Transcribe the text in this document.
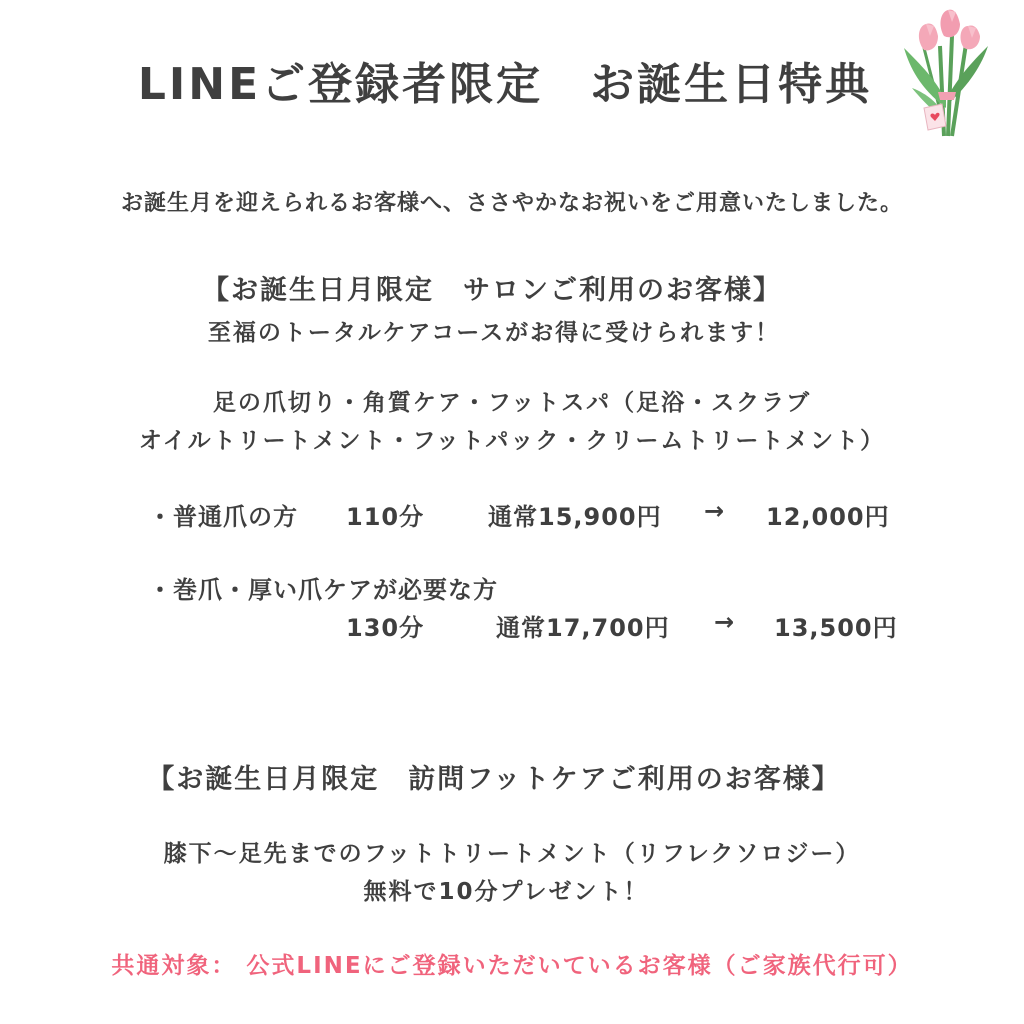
LINEご登録者限定　お誕生日特典
お誕生月を迎えられるお客様へ、ささやかなお祝いをご用意いたしました。
【お誕生日月限定　サロンご利用のお客様】
至福のトータルケアコースがお得に受けられます！
足の爪切り・角質ケア・フットスパ（足浴・スクラブ
オイルトリートメント・フットパック・クリームトリートメント）
・普通爪の方 110分	通常15,900円 → 12,000円
・巻爪・厚い爪ケアが必要な方
130分	通常17,700円 → 13,500円
【お誕生日月限定　訪問フットケアご利用のお客様】
膝下〜足先までのフットトリートメント（リフレクソロジー）
無料で10分プレゼント！
共通対象： 公式LINEにご登録いただいているお客様（ご家族代行可）
